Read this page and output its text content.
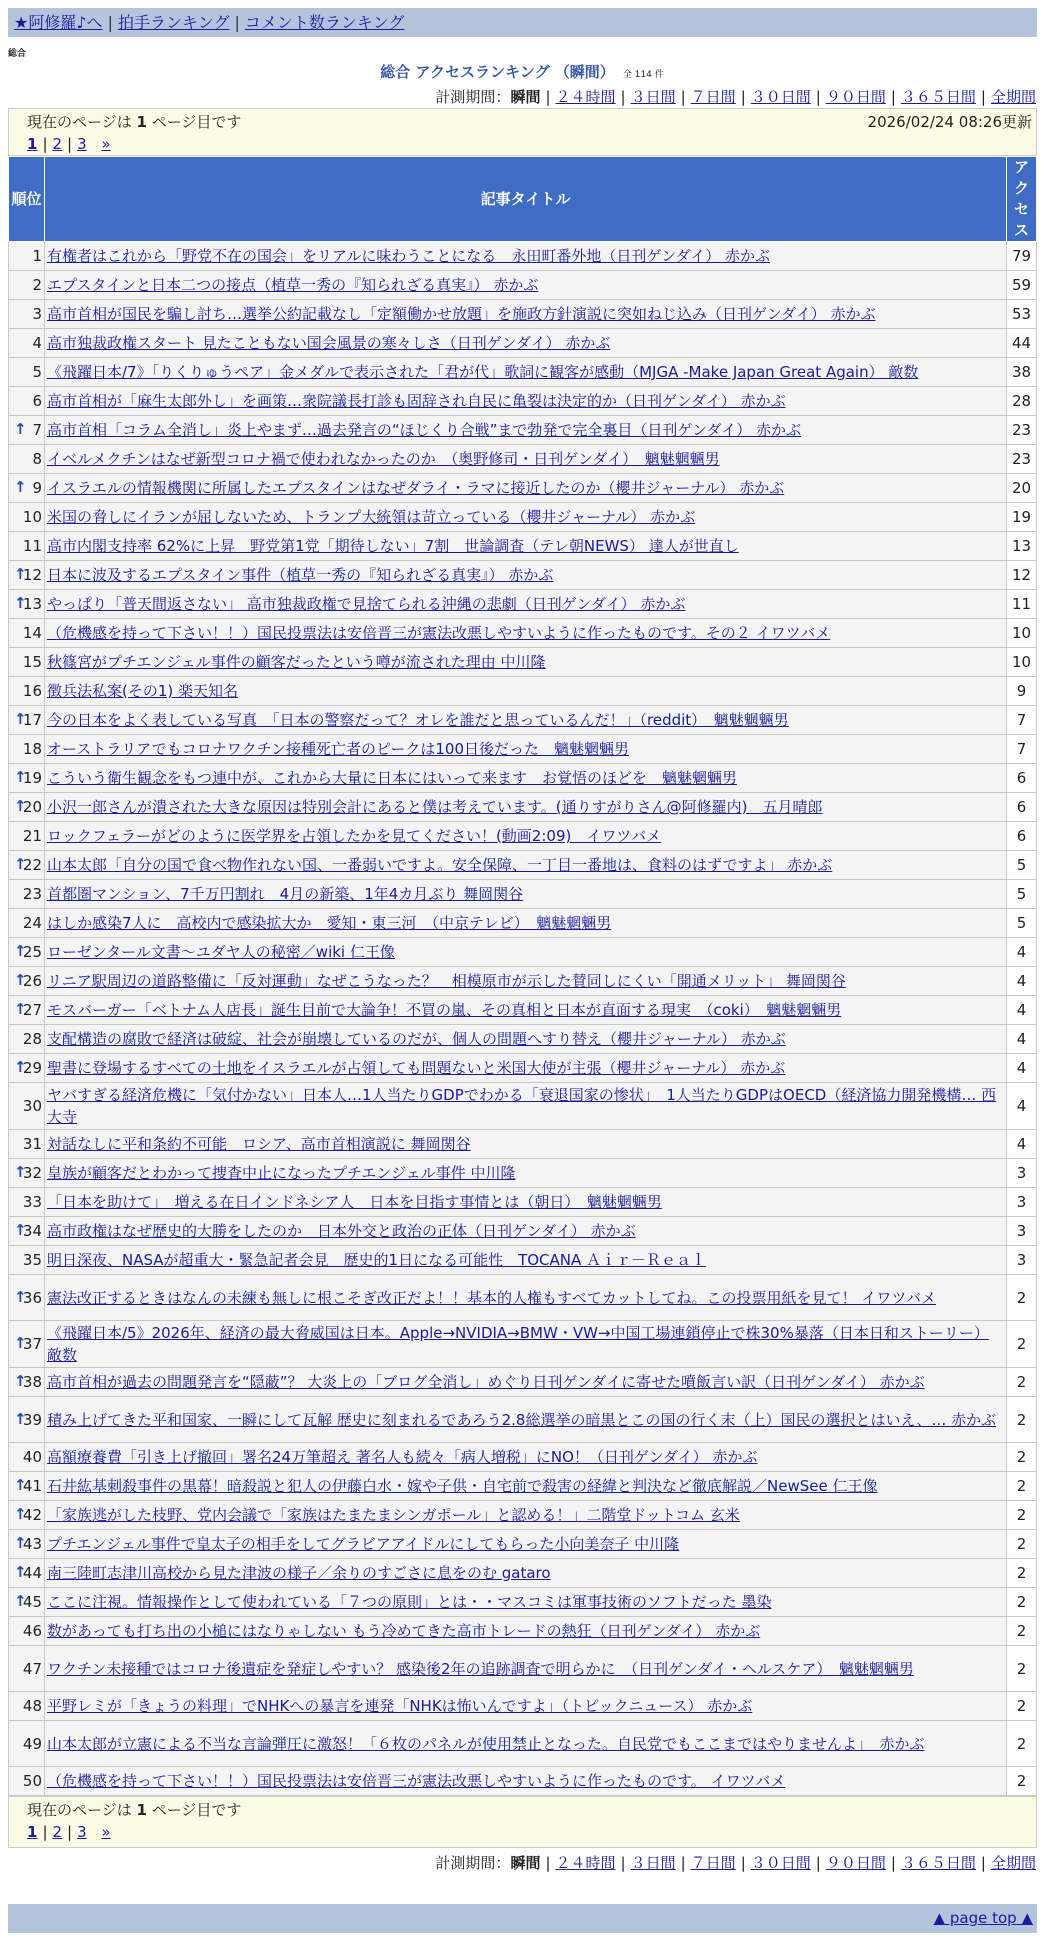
★阿修羅♪へ | 拍手ランキング | コメント数ランキング
総合
総合 アクセスランキング （瞬間） 全 114 件
計測期間：瞬間 | ２４時間 | ３日間 | ７日間 | ３０日間 | ９０日間 | ３６５日間 | 全期間
現在のページは 1 ページ目です	2026/02/24 08:26更新
1 | 2 | 3 »
順位	記事タイトル	アクセス
1	有権者はこれから「野党不在の国会」をリアルに味わうことになる　永田町番外地（日刊ゲンダイ） 赤かぶ	79
2	エプスタインと日本二つの接点（植草一秀の『知られざる真実』） 赤かぶ	59
3	高市首相が国民を騙し討ち…選挙公約記載なし「定額働かせ放題」を施政方針演説に突如ねじ込み（日刊ゲンダイ） 赤かぶ	53
4	高市独裁政権スタート 見たこともない国会風景の寒々しさ（日刊ゲンダイ） 赤かぶ	44
5	《飛躍日本/7》「りくりゅうペア」金メダルで表示された「君が代」歌詞に観客が感動（MJGA -Make Japan Great Again） 敵数	38
6	高市首相が「麻生太郎外し」を画策…衆院議長打診も固辞され自民に亀裂は決定的か（日刊ゲンダイ） 赤かぶ	28

↑ 7	高市首相「コラム全消し」炎上やまず…過去発言の“ほじくり合戦”まで勃発で完全裏目（日刊ゲンダイ） 赤かぶ	23
8	イベルメクチンはなぜ新型コロナ禍で使われなかったのか　（奥野修司・日刊ゲンダイ）　魑魅魍魎男	23

↑ 9	イスラエルの情報機関に所属したエプスタインはなぜダライ・ラマに接近したのか（櫻井ジャーナル） 赤かぶ	20
10	米国の脅しにイランが屈しないため、トランプ大統領は苛立っている（櫻井ジャーナル） 赤かぶ	19
11	高市内閣支持率 62%に上昇　野党第1党「期待しない」7割　世論調査（テレ朝NEWS） 達人が世直し	13

↑
12	日本に波及するエプスタイン事件（植草一秀の『知られざる真実』） 赤かぶ	12

↑
13	やっぱり「普天間返さない」 高市独裁政権で見捨てられる沖縄の悲劇（日刊ゲンダイ） 赤かぶ	11
14	（危機感を持って下さい！！）国民投票法は安倍晋三が憲法改悪しやすいように作ったものです。その２ イワツバメ	10
15	秋篠宮がプチエンジェル事件の顧客だったという噂が流された理由 中川隆	10
16	徴兵法私案(その1) 楽天知名	9

↑
17	今の日本をよく表している写真　「日本の警察だって？オレを誰だと思っているんだ！」（reddit）　魑魅魍魎男	7
18	オーストラリアでもコロナワクチン接種死亡者のピークは100日後だった　魑魅魍魎男	7

↑
19	こういう衛生観念をもつ連中が、これから大量に日本にはいって来ます　お覚悟のほどを　魑魅魍魎男	6

↑
20	小沢一郎さんが潰された大きな原因は特別会計にあると僕は考えています。(通りすがりさん@阿修羅内)　五月晴郎	6
21	ロックフェラーがどのように医学界を占領したかを見てください！(動画2:09)　イワツバメ	6

↑
22	山本太郎「自分の国で食べ物作れない国、一番弱いですよ。安全保障、一丁目一番地は、食料のはずですよ」 赤かぶ	5
23	首都圏マンション、7千万円割れ　4月の新築、1年4カ月ぶり 舞岡関谷	5
24	はしか感染7人に　高校内で感染拡大か　愛知・東三河　（中京テレビ）　魑魅魍魎男	5

↑
25	ローゼンタール文書〜ユダヤ人の秘密／wiki 仁王像	4

↑
26	リニア駅周辺の道路整備に「反対運動」なぜこうなった？　相模原市が示した賛同しにくい「開通メリット」 舞岡関谷	4

↑
27	モスバーガー「ベトナム人店長」誕生目前で大論争！不買の嵐、その真相と日本が直面する現実　（coki）　魑魅魍魎男	4
28	支配構造の腐敗で経済は破綻、社会が崩壊しているのだが、個人の問題へすり替え（櫻井ジャーナル） 赤かぶ	4

↑
29	聖書に登場するすべての土地をイスラエルが占領しても問題ないと米国大使が主張（櫻井ジャーナル） 赤かぶ	4
30	ヤバすぎる経済危機に「気付かない」日本人…1人当たりGDPでわかる「衰退国家の惨状」　1人当たりGDPはOECD（経済協力開発機構… 西大寺	4
31	対話なしに平和条約不可能　ロシア、高市首相演説に 舞岡関谷	4

↑
32	皇族が顧客だとわかって捜査中止になったプチエンジェル事件 中川隆	3
33	「日本を助けて」　増える在日インドネシア人　日本を目指す事情とは（朝日）　魑魅魍魎男	3

↑
34	高市政権はなぜ歴史的大勝をしたのか　日本外交と政治の正体（日刊ゲンダイ） 赤かぶ	3
35	明日深夜、NASAが超重大・緊急記者会見　歴史的1日になる可能性　TOCANA Ａｉｒ－Ｒｅａｌ	3

↑
36	憲法改正するときはなんの未練も無しに根こそぎ改正だよ！！基本的人権もすべてカットしてね。この投票用紙を見て！ イワツバメ	2

↑
37	《飛躍日本/5》2026年、経済の最大脅威国は日本。Apple→NVIDIA→BMW・VW→中国工場連鎖停止で株30%暴落（日本日和ストーリー） 敵数	2

↑
38	高市首相が過去の問題発言を“隠蔽”？ 大炎上の「ブログ全消し」めぐり日刊ゲンダイに寄せた噴飯言い訳（日刊ゲンダイ） 赤かぶ	2

↑
39	積み上げてきた平和国家、一瞬にして瓦解 歴史に刻まれるであろう2.8総選挙の暗黒とこの国の行く末（上）国民の選択とはいえ、… 赤かぶ	2
40	高額療養費「引き上げ撤回」署名24万筆超え 著名人も続々「病人増税」にNO！（日刊ゲンダイ） 赤かぶ	2

↑
41	石井紘基刺殺事件の黒幕！暗殺説と犯人の伊藤白水・嫁や子供・自宅前で殺害の経緯と判決など徹底解説／NewSee 仁王像	2

↑
42	「家族逃がした枝野、党内会議で「家族はたまたまシンガポール」と認める！」二階堂ドットコム 玄米	2

↑
43	プチエンジェル事件で皇太子の相手をしてグラビアアイドルにしてもらった小向美奈子 中川隆	2

↑
44	南三陸町志津川高校から見た津波の様子／余りのすごさに息をのむ gataro	2

↑
45	ここに注視。情報操作として使われている「７つの原則」とは・・マスコミは軍事技術のソフトだった 墨染	2
46	数があっても打ち出の小槌にはなりゃしない もう冷めてきた高市トレードの熱狂（日刊ゲンダイ） 赤かぶ	2
47	ワクチン未接種ではコロナ後遺症を発症しやすい？ 感染後2年の追跡調査で明らかに　（日刊ゲンダイ・ヘルスケア）　魑魅魍魎男	2
48	平野レミが「きょうの料理」でNHKへの暴言を連発「NHKは怖いんですよ」（トピックニュース） 赤かぶ	2
49	山本太郎が立憲による不当な言論弾圧に激怒！「６枚のパネルが使用禁止となった。自民党でもここまではやりませんよ」　赤かぶ	2
50	（危機感を持って下さい！！）国民投票法は安倍晋三が憲法改悪しやすいように作ったものです。 イワツバメ	2
現在のページは 1 ページ目です
1 | 2 | 3 »
計測期間：瞬間 | ２４時間 | ３日間 | ７日間 | ３０日間 | ９０日間 | ３６５日間 | 全期間
▲ page top ▲
